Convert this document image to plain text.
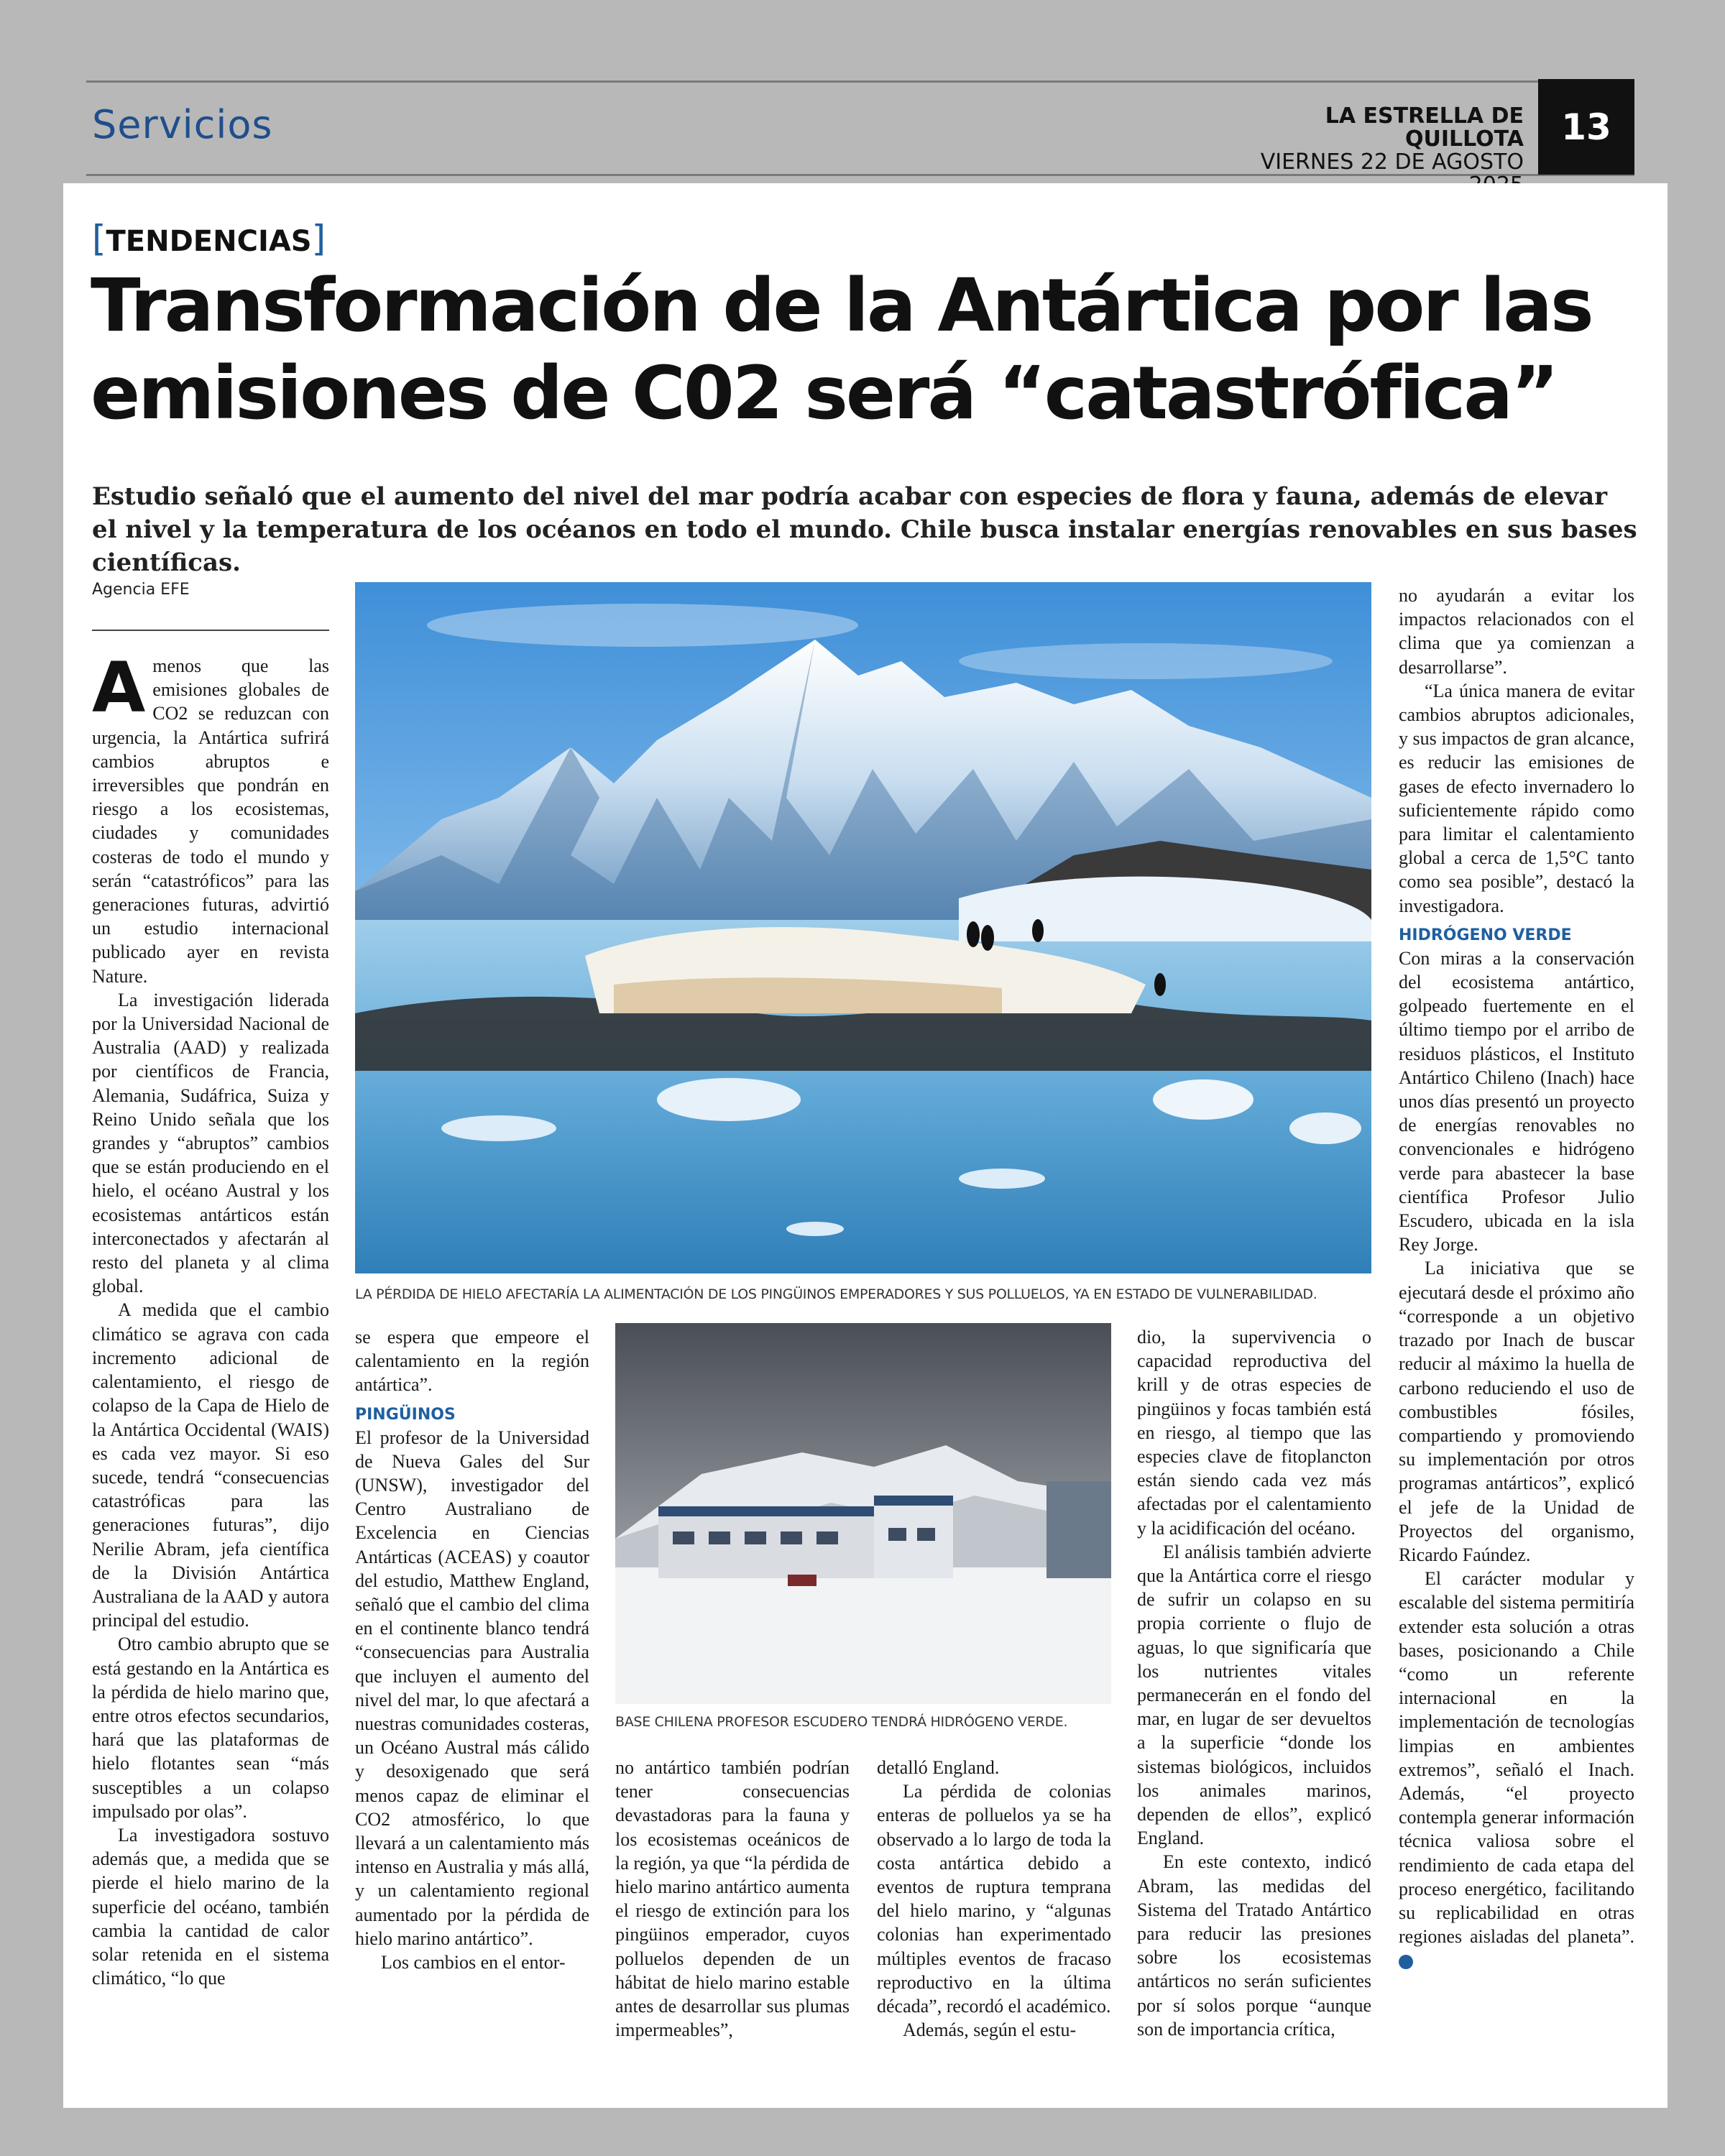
Servicios	LA ESTRELLA DE QUILLOTA
VIERNES 22 DE AGOSTO
13
[TENDENCIAS]
Transformación de la Antártica por las
emisiones de C02 será “catastrófica”
Estudio señaló que el aumento del nivel del mar podría acabar con especies de flora y fauna, además de elevar el nivel y la temperatura de los océanos en todo el mundo. Chile busca instalar energías renovables en sus bases científicas.
Agencia EFE
LA PÉRDIDA DE HIELO AFECTARÍA LA ALIMENTACIÓN DE LOS PINGÜINOS EMPERADORES Y SUS POLLUELOS, YA EN ESTADO DE VULNERABILIDAD.
BASE CHILENA PROFESOR ESCUDERO TENDRÁ HIDRÓGENO VERDE.
A menos que las emisiones globales de CO2 se reduzcan con urgencia, la Antártica sufrirá cambios abruptos e irreversibles que pondrán en riesgo a los ecosistemas, ciudades y comunidades costeras de todo el mundo y serán “catastróficos” para las generaciones futuras, advirtió un estudio internacional publicado ayer en revista Nature.

La investigación liderada por la Universidad Nacional de Australia (AAD) y realizada por científicos de Francia, Alemania, Sudáfrica, Suiza y Reino Unido señala que los grandes y “abruptos” cambios que se están produciendo en el hielo, el océano Austral y los ecosistemas antárticos están interconectados y afectarán al resto del planeta y al clima global.

A medida que el cambio climático se agrava con cada incremento adicional de calentamiento, el riesgo de colapso de la Capa de Hielo de la Antártica Occidental (WAIS) es cada vez mayor. Si eso sucede, tendrá “consecuencias catastróficas para las generaciones futuras”, dijo Nerilie Abram, jefa científica de la División Antártica Australiana de la AAD y autora principal del estudio.

Otro cambio abrupto que se está gestando en la Antártica es la pérdida de hielo marino que, entre otros efectos secundarios, hará que las plataformas de hielo flotantes sean “más susceptibles a un colapso impulsado por olas”.

La investigadora sostuvo además que, a medida que se pierde el hielo marino de la superficie del océano, también cambia la cantidad de calor solar retenida en el sistema climático, “lo que

se espera que empeore el calentamiento en la región antártica”.

PINGÜINOS

El profesor de la Universidad de Nueva Gales del Sur (UNSW), investigador del Centro Australiano de Excelencia en Ciencias Antárticas (ACEAS) y coautor del estudio, Matthew England, señaló que el cambio del clima en el continente blanco tendrá “consecuencias para Australia que incluyen el aumento del nivel del mar, lo que afectará a nuestras comunidades costeras, un Océano Austral más cálido y desoxigenado que será menos capaz de eliminar el CO2 atmosférico, lo que llevará a un calentamiento más intenso en Australia y más allá, y un calentamiento regional aumentado por la pérdida de hielo marino antártico”.

Los cambios en el entor-

no antártico también podrían tener consecuencias devastadoras para la fauna y los ecosistemas oceánicos de la región, ya que “la pérdida de hielo marino antártico aumenta el riesgo de extinción para los pingüinos emperador, cuyos polluelos dependen de un hábitat de hielo marino estable antes de desarrollar sus plumas impermeables”,

detalló England.

La pérdida de colonias enteras de polluelos ya se ha observado a lo largo de toda la costa antártica debido a eventos de ruptura temprana del hielo marino, y “algunas colonias han experimentado múltiples eventos de fracaso reproductivo en la última década”, recordó el académico.

Además, según el estu-

dio, la supervivencia o capacidad reproductiva del krill y de otras especies de pingüinos y focas también está en riesgo, al tiempo que las especies clave de fitoplancton están siendo cada vez más afectadas por el calentamiento y la acidificación del océano.

El análisis también advierte que la Antártica corre el riesgo de sufrir un colapso en su propia corriente o flujo de aguas, lo que significaría que los nutrientes vitales permanecerán en el fondo del mar, en lugar de ser devueltos a la superficie “donde los sistemas biológicos, incluidos los animales marinos, dependen de ellos”, explicó England.

En este contexto, indicó Abram, las medidas del Sistema del Tratado Antártico para reducir las presiones sobre los ecosistemas antárticos no serán suficientes por sí solos porque “aunque son de importancia crítica,

no ayudarán a evitar los impactos relacionados con el clima que ya comienzan a desarrollarse”.

“La única manera de evitar cambios abruptos adicionales, y sus impactos de gran alcance, es reducir las emisiones de gases de efecto invernadero lo suficientemente rápido como para limitar el calentamiento global a cerca de 1,5°C tanto como sea posible”, destacó la investigadora.

HIDRÓGENO VERDE

Con miras a la conservación del ecosistema antártico, golpeado fuertemente en el último tiempo por el arribo de residuos plásticos, el Instituto Antártico Chileno (Inach) hace unos días presentó un proyecto de energías renovables no convencionales e hidrógeno verde para abastecer la base científica Profesor Julio Escudero, ubicada en la isla Rey Jorge.

La iniciativa que se ejecutará desde el próximo año “corresponde a un objetivo trazado por Inach de buscar reducir al máximo la huella de carbono reduciendo el uso de combustibles fósiles, compartiendo y promoviendo su implementación por otros programas antárticos”, explicó el jefe de la Unidad de Proyectos del organismo, Ricardo Faúndez.

El carácter modular y escalable del sistema permitiría extender esta solución a otras bases, posicionando a Chile “como un referente internacional en la implementación de tecnologías limpias en ambientes extremos”, señaló el Inach. Además, “el proyecto contempla generar información técnica valiosa sobre el rendimiento de cada etapa del proceso energético, facilitando su replicabilidad en otras regiones aisladas del planeta”. ✪
